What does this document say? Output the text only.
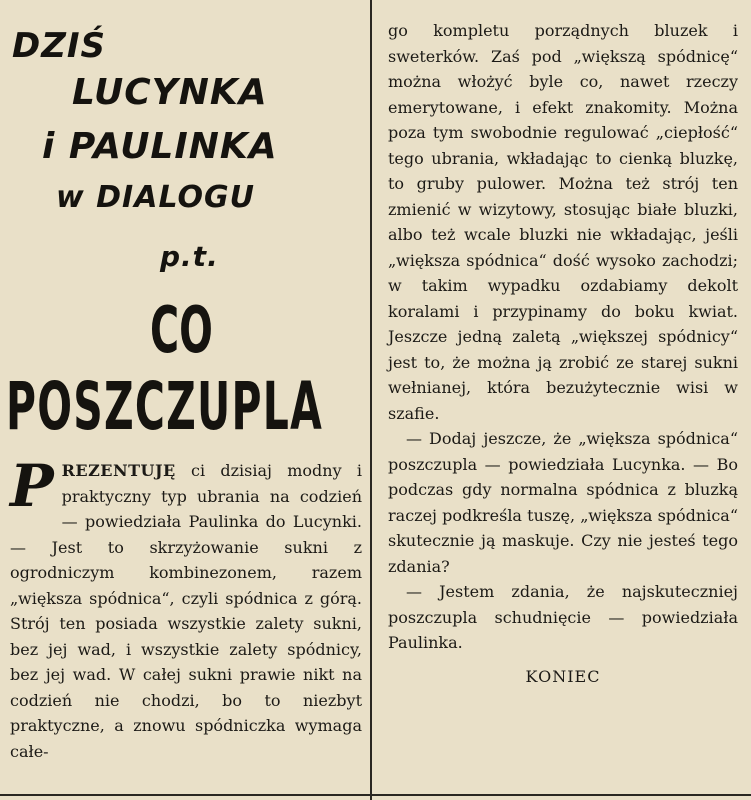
DZIŚ
LUCYNKA
i PAULINKA
w DIALOGU
p.t.
CO
POSZCZUPLA

PREZENTUJĘ ci dzisiaj modny i praktyczny typ ubrania na codzień — powiedziała Paulinka do Lucynki. — Jest to skrzyżowanie sukni z ogrodniczym kombinezonem, razem „większa spódnica“, czyli spódnica z górą. Strój ten posiada wszystkie zalety sukni, bez jej wad, i wszystkie zalety spódnicy, bez jej wad. W całej sukni prawie nikt na codzień nie chodzi, bo to niezbyt praktyczne, a znowu spódniczka wymaga całe-

go kompletu porządnych bluzek i sweterków. Zaś pod „większą spódnicę“ można włożyć byle co, nawet rzeczy emerytowane, i efekt znakomity. Można poza tym swobodnie regulować „ciepłość“ tego ubrania, wkładając to cienką bluzkę, to gruby pulower. Można też strój ten zmienić w wizytowy, stosując białe bluzki, albo też wcale bluzki nie wkładając, jeśli „większa spódnica“ dość wysoko zachodzi; w takim wypadku ozdabiamy dekolt koralami i przypinamy do boku kwiat. Jeszcze jedną zaletą „większej spódnicy“ jest to, że można ją zrobić ze starej sukni wełnianej, która bezużytecznie wisi w szafie.

— Dodaj jeszcze, że „większa spódnica“ poszczupla — powiedziała Lucynka. — Bo podczas gdy normalna spódnica z bluzką raczej podkreśla tuszę, „większa spódnica“ skutecznie ją maskuje. Czy nie jesteś tego zdania?

— Jestem zdania, że najskuteczniej poszczupla schudnięcie — powiedziała Paulinka.

KONIEC
